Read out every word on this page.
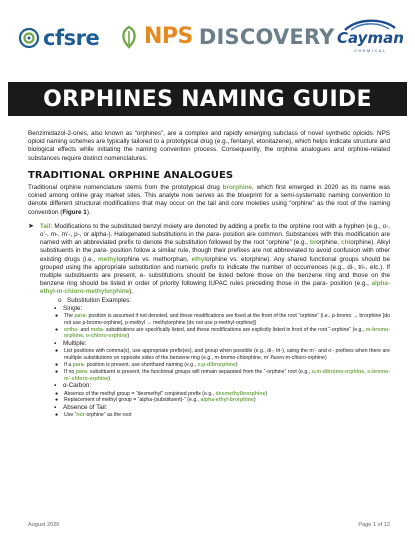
cfsre NPS DISCOVERY Cayman
CHEMICAL
ORPHINES NAMING GUIDE

Benzimidazol-2-ones, also known as “orphines”, are a complex and rapidly emerging subclass of novel synthetic opioids. NPS opioid naming schemes are typically tailored to a prototypical drug (e.g., fentanyl, etonitazene), which helps indicate structure and biological effects while initiating the naming convention process. Consequently, the orphine analogues and orphine-related substances require distinct nomenclatures.

TRADITIONAL ORPHINE ANALOGUES

Traditional orphine nomenclature stems from the prototypical drug brorphine, which first emerged in 2020 as its name was coined among online gray market sites. This analyte now serves as the blueprint for a semi-systematic naming convention to denote different structural modifications that may occur on the tail and core moieties using “orphine” as the root of the naming convention (Figure 1).

➤ Tail: Modifications to the substituted benzyl moiety are denoted by adding a prefix to the orphine root with a hyphen (e.g., o-, o’-, m-, m’-, p-, or alpha-). Halogenated substitutions in the para- position are common. Substances with this modification are named with an abbreviated prefix to denote the substitution followed by the root “orphine” (e.g., brorphine, chlorphine). Alkyl substituents in the para- position follow a similar rule, though their prefixes are not abbreviated to avoid confusion with other existing drugs (i.e., methylorphine vs. methorphan, ethylorphine vs. etorphine). Any shared functional groups should be grouped using the appropriate substitution and numeric prefix to indicate the number of occurrences (e.g., di-, tri-, etc.). If multiple substituents are present, e- substitutions should be listed before those on the benzene ring and those on the benzene ring should be listed in order of priority following IUPAC rules preceding those in the para- position (e.g., alpha-ethyl-m-chloro-methylorphine).

o Substitution Examples:
▪	Single:
●	The para- position is assumed if not denoted, and these modifications are fixed at the front of the root “orphine” (i.e., p-bromo → brorphine [do not use p-bromo-orphine], p-methyl → methylorphine [do not use p-methyl-orphine])
●	ortho- and meta- substitutions are specifically listed, and these modifications are explicitly listed in front of the root “-orphine” (e.g., m-bromo-orphine, o-chloro-orphine)
▪	Multiple:
●	List positions with comma(s), use appropriate prefix(es), and group when possible (e.g., di-, tri-), using the m’- and o’- prefixes when there are multiple substitutions on opposite sides of the benzene ring (e.g., m-bromo-chlorphine, m’-fluoro-m-chloro-orphine)
●	If a para- position is present, use shorthand naming (e.g., o,p-dibrorphine)
●	If no para- substituent is present, the functional groups will remain separated from the “-orphine” root (e.g., o,m-dibromo-orphine, o-bromo-m’-chloro-orphine)
▪	α-Carbon:
●	Absence of the methyl group = “desmethyl” conjoined prefix (e.g., desmethylbrorphine)
●	Replacement of methyl group = “alpha-(substituent)-” (e.g., alpha-ethyl-brorphine)
▪	Absence of Tail:
●	Use “nor-orphine” as the root
August 2026	Page 1 of 12
